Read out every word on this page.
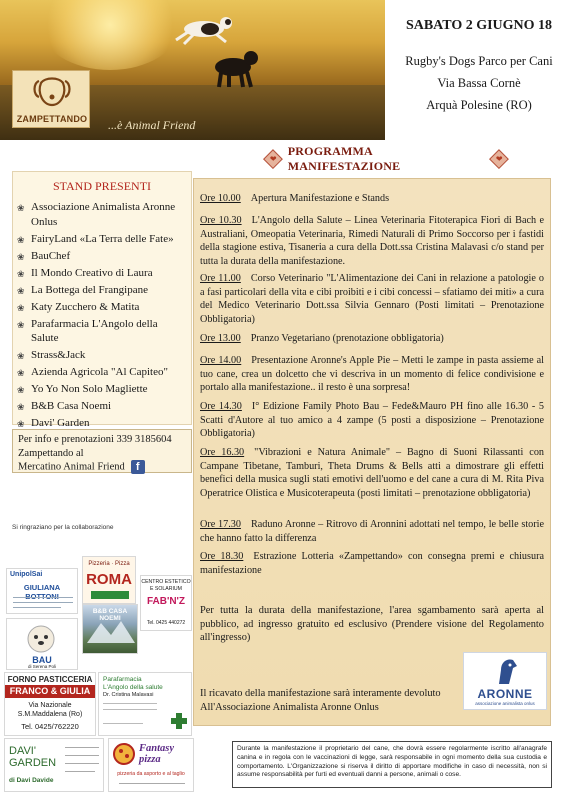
ZAMPETTANDO ...è Animal Friend
SABATO 2 GIUGNO 18
Rugby's Dogs Parco per Cani
Via Bassa Cornè
Arquà Polesine (RO)
❤
PROGRAMMA MANIFESTAZIONE
❤
STAND PRESENTI
❀ Associazione Animalista Aronne Onlus
❀ FairyLand «La Terra delle Fate»
❀ BauChef
❀ Il Mondo Creativo di Laura
❀ La Bottega del Frangipane
❀ Katy Zucchero & Matita
❀ Parafarmacia L'Angolo della Salute
❀ Strass&Jack
❀ Azienda Agricola "Al Capiteo"
❀ Yo Yo Non Solo Magliette
❀ B&B Casa Noemi
❀ Davi' Garden
Per info e prenotazioni 339 3185604
Zampettando al
Mercatino Animal Friend f
Si ringraziano per la collaborazione
UnipolSai
GIULIANA
Pizzeria · Pizza
ROMA	CENTRO ESTETICO
E SOLARIUM
FAB'N'Z
Tel. 0425 440272
B&B CASA NOEMI
BAU
di Serena Poli
FORNO PASTICCERIA
FRANCO & GIULIA
Via Nazionale
S.M.Maddalena (Ro)
Tel. 0425/762220
Parafarmacia
L'Angolo della salute
Dr. Cristina Malavasi
DAVI' GARDEN
di Davi Davide
Fantasy pizza
pizzeria da asporto e al taglio
Ore 10.00 Apertura Manifestazione e Stands
Ore 10.30 L'Angolo della Salute – Linea Veterinaria Fitoterapica Fiori di Bach e Australiani, Omeopatia Veterinaria, Rimedi Naturali di Primo Soccorso per i fastidi della stagione estiva, Tisaneria a cura della Dott.ssa Cristina Malavasi c/o stand per tutta la durata della manifestazione.
Ore 11.00 Corso Veterinario "L'Alimentazione dei Cani in relazione a patologie o a fasi particolari della vita e cibi proibiti e i cibi concessi – sfatiamo dei miti» a cura del Medico Veterinario Dott.ssa Silvia Gennaro (Posti limitati – Prenotazione Obbligatoria)
Ore 13.00 Pranzo Vegetariano (prenotazione obbligatoria)
Ore 14.00 Presentazione Aronne's Apple Pie – Metti le zampe in pasta assieme al tuo cane, crea un dolcetto che vi descriva in un momento di felice condivisione e portalo alla manifestazione.. il resto è una sorpresa!
Ore 14.30 I° Edizione Family Photo Bau – Fede&Mauro PH fino alle 16.30 - 5 Scatti d'Autore al tuo amico a 4 zampe (5 posti a disposizione – Prenotazione Obbligatoria)
Ore 16.30 "Vibrazioni e Natura Animale" – Bagno di Suoni Rilassanti con Campane Tibetane, Tamburi, Theta Drums & Bells atti a dimostrare gli effetti benefici della musica sugli stati emotivi dell'uomo e del cane a cura di M. Rita Piva Operatrice Olistica e Musicoterapeuta (posti limitati – prenotazione obbligatoria)
Ore 17.30 Raduno Aronne – Ritrovo di Aronnini adottati nel tempo, le belle storie che hanno fatto la differenza
Ore 18.30 Estrazione Lotteria «Zampettando» con consegna premi e chiusura manifestazione
Per tutta la durata della manifestazione, l'area sgambamento sarà aperta al pubblico, ad ingresso gratuito ed esclusivo (Prendere visione del Regolamento all'ingresso)
Il ricavato della manifestazione sarà interamente devoluto All'Associazione Animalista Aronne Onlus
ARONNE
associazione animalista onlus
Durante la manifestazione il proprietario del cane, che dovrà essere regolarmente iscritto all'anagrafe canina e in regola con le vaccinazioni di legge, sarà responsabile in ogni momento della sua custodia e comportamento. L'Organizzazione si riserva il diritto di apportare modifiche in caso di necessità, non si assume responsabilità per furti ed eventuali danni a persone, animali o cose.
